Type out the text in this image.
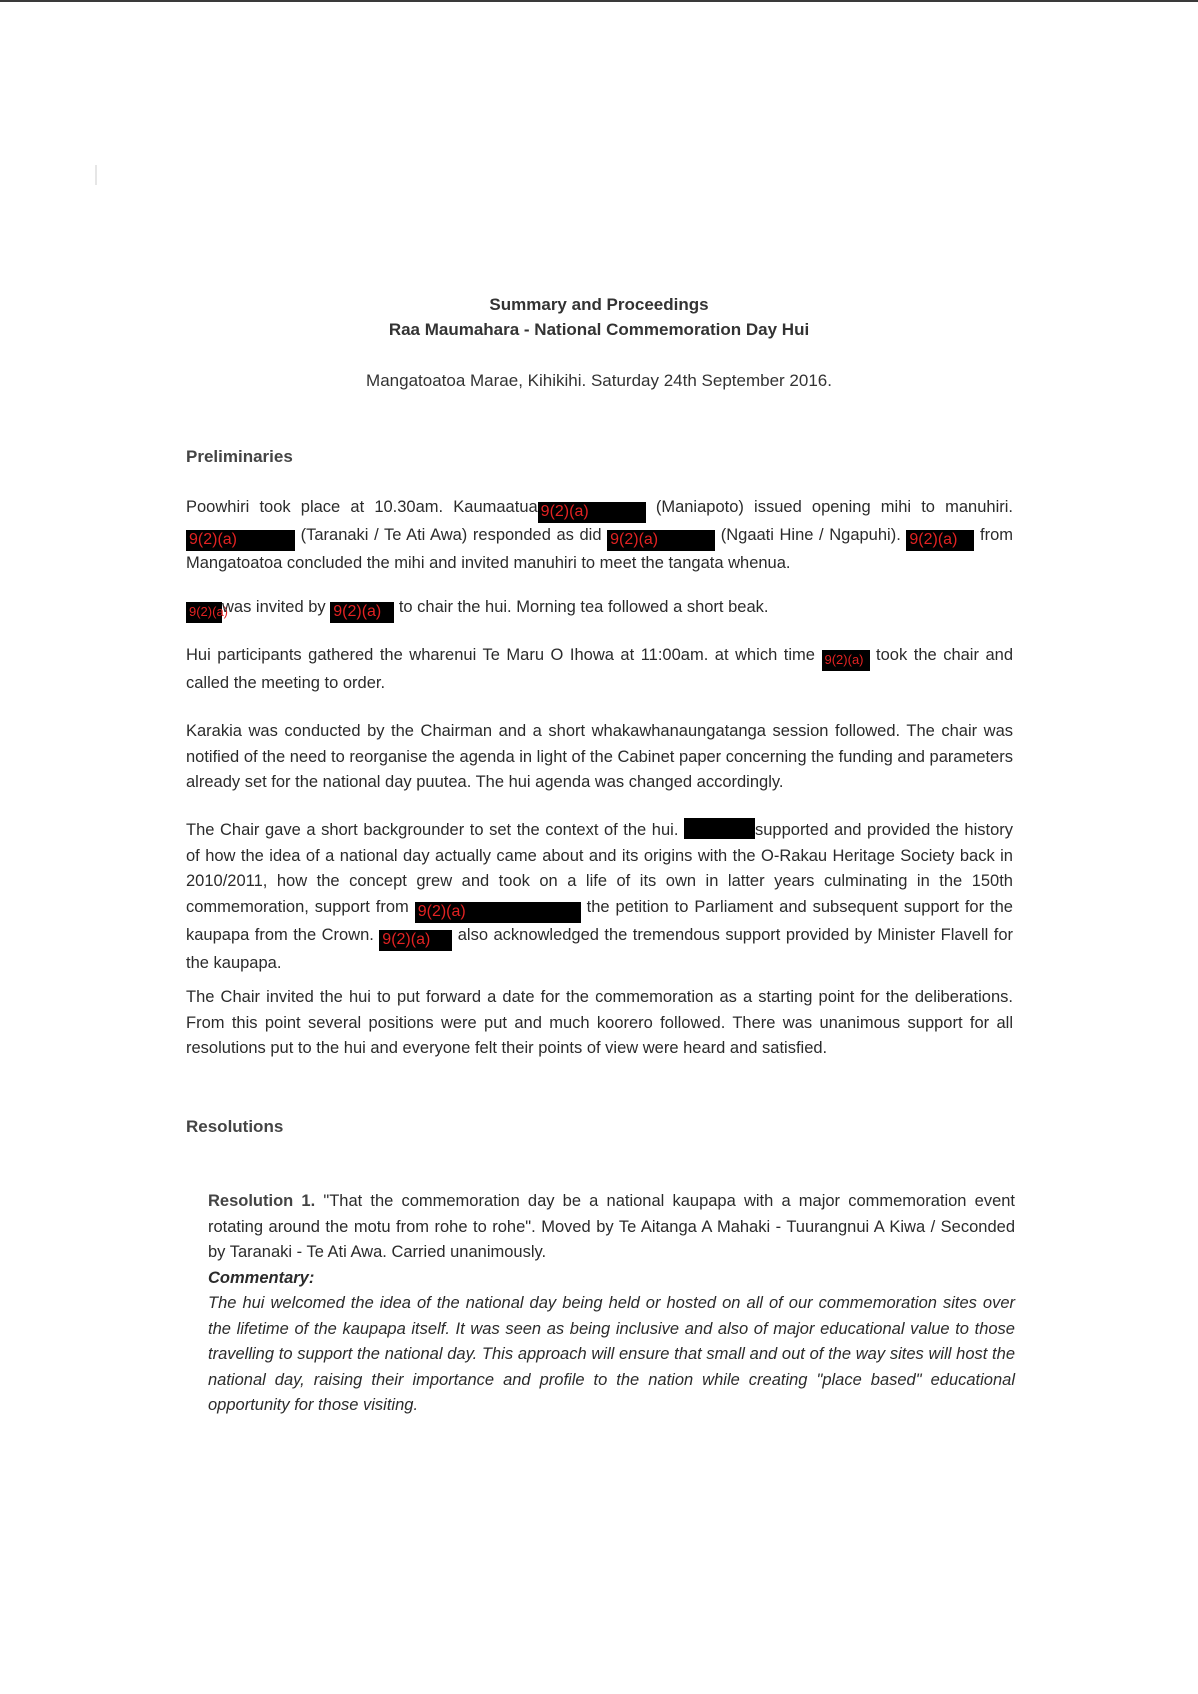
Summary and Proceedings
Raa Maumahara - National Commemoration Day Hui
Mangatoatoa Marae, Kihikihi. Saturday 24th September 2016.
Preliminaries
Poowhiri took place at 10.30am. Kaumaatua 9(2)(a)	(Maniapoto) issued opening mihi to manuhiri. 9(2)(a)	(Taranaki / Te Ati Awa) responded as did 9(2)(a)	(Ngaati Hine / Ngapuhi). 9(2)(a) from Mangatoatoa concluded the mihi and invited manuhiri to meet the tangata whenua.
9(2)(a)was invited by 9(2)(a) to chair the hui. Morning tea followed a short beak.
Hui participants gathered the wharenui Te Maru O Ihowa at 11:00am. at which time 9(2)(a) took the chair and called the meeting to order.
Karakia was conducted by the Chairman and a short whakawhanaungatanga session followed. The chair was notified of the need to reorganise the agenda in light of the Cabinet paper concerning the funding and parameters already set for the national day puutea. The hui agenda was changed accordingly.
The Chair gave a short backgrounder to set the context of the hui.	supported and provided the history of how the idea of a national day actually came about and its origins with the O-Rakau Heritage Society back in 2010/2011, how the concept grew and took on a life of its own in latter years culminating in the 150th commemoration, support from 9(2)(a)	the petition to Parliament and subsequent support for the kaupapa from the Crown. 9(2)(a) also acknowledged the tremendous support provided by Minister Flavell for the kaupapa.
The Chair invited the hui to put forward a date for the commemoration as a starting point for the deliberations. From this point several positions were put and much koorero followed. There was unanimous support for all resolutions put to the hui and everyone felt their points of view were heard and satisfied.
Resolutions
Resolution 1. "That the commemoration day be a national kaupapa with a major commemoration event rotating around the motu from rohe to rohe". Moved by Te Aitanga A Mahaki - Tuurangnui A Kiwa / Seconded by Taranaki - Te Ati Awa. Carried unanimously.
Commentary:
The hui welcomed the idea of the national day being held or hosted on all of our commemoration sites over the lifetime of the kaupapa itself. It was seen as being inclusive and also of major educational value to those travelling to support the national day. This approach will ensure that small and out of the way sites will host the national day, raising their importance and profile to the nation while creating "place based" educational opportunity for those visiting.
